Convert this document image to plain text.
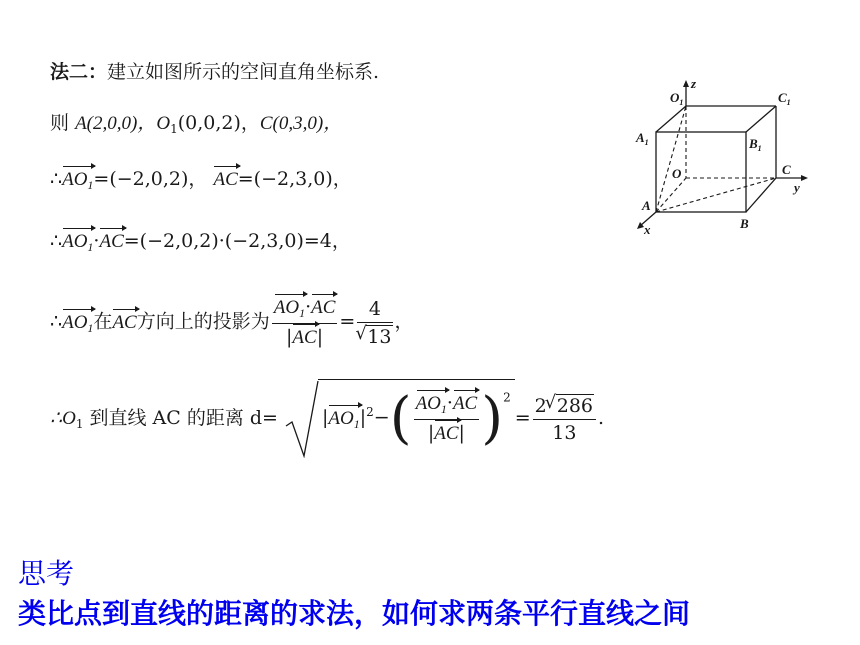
法二：建立如图所示的空间直角坐标系.
则 A(2,0,0)，$O_1(0,0,2)$，C(0,3,0)，
$\therefore AO_1=(-2,0,2)$， AC=(−2,3,0)，
$\therefore AO_1\cdot AC=(-2,0,2)\cdot(-2,3,0)=4$，
$\therefore AO_1$在AC方向上的投影为 $\frac{AO_1\cdot AC}{|AC|} = 4$
√ 13 ，
$\therefore O_1$ 到直线 AC 的距离 $d= |AO_1|^2-( \frac{AO_1\cdot AC}{|AC|} )^2= \frac{2√ 286}{13}$ .
$O_1$
z
$C_1$
$A_1$	$B_1$
O	C
y
A
B
x
思考
类比点到直线的距离的求法，如何求两条平行直线之间
